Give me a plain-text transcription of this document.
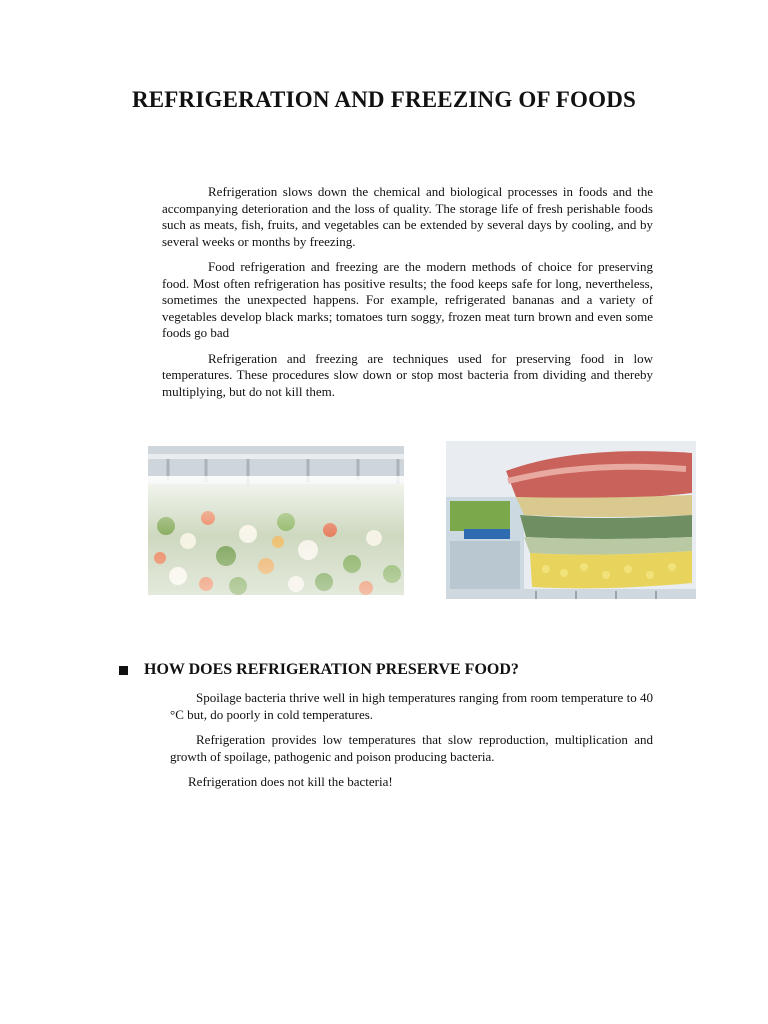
REFRIGERATION AND FREEZING OF FOODS

Refrigeration slows down the chemical and biological processes in foods and the accompanying deterioration and the loss of quality. The storage life of fresh perishable foods such as meats, fish, fruits, and vegetables can be extended by several days by cooling, and by several weeks or months by freezing.

Food refrigeration and freezing are the modern methods of choice for preserving food. Most often refrigeration has positive results; the food keeps safe for long, nevertheless, sometimes the unexpected happens. For example, refrigerated bananas and a variety of vegetables develop black marks; tomatoes turn soggy, frozen meat turn brown and even some foods go bad

Refrigeration and freezing are techniques used for preserving food in low temperatures. These procedures slow down or stop most bacteria from dividing and thereby multiplying, but do not kill them.

HOW DOES REFRIGERATION PRESERVE FOOD?

Spoilage bacteria thrive well in high temperatures ranging from room temperature to 40 °C but, do poorly in cold temperatures.

Refrigeration provides low temperatures that slow reproduction, multiplication and growth of spoilage, pathogenic and poison producing bacteria.

Refrigeration does not kill the bacteria!
